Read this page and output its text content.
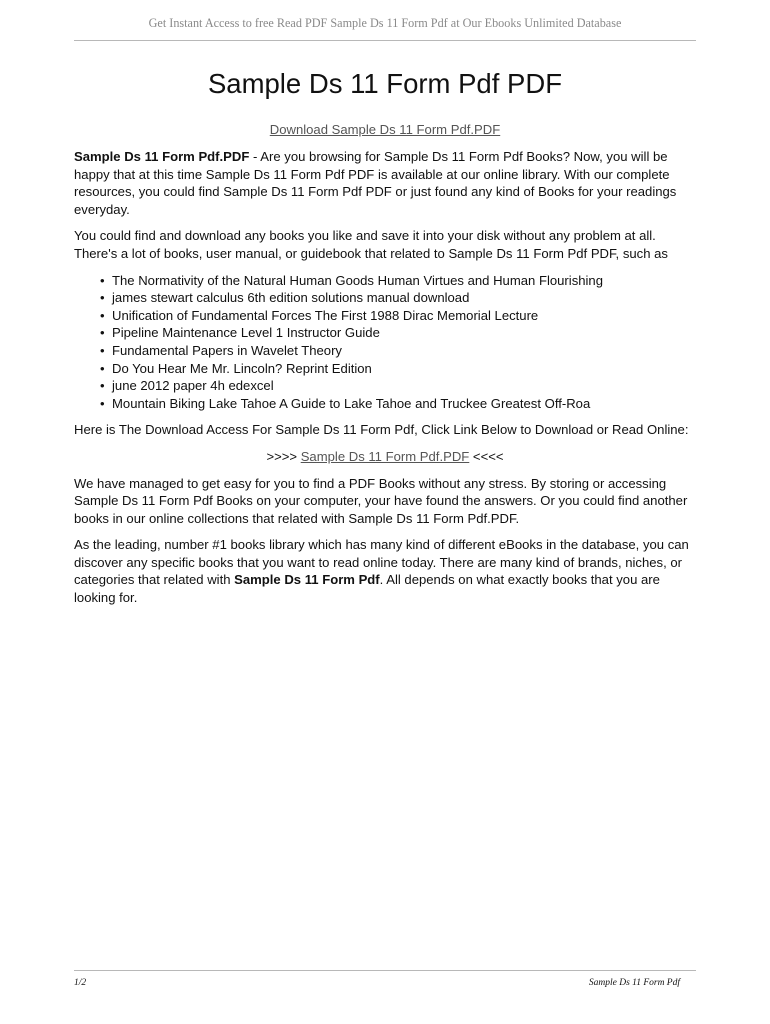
Get Instant Access to free Read PDF Sample Ds 11 Form Pdf at Our Ebooks Unlimited Database
Sample Ds 11 Form Pdf PDF
Download Sample Ds 11 Form Pdf.PDF

Sample Ds 11 Form Pdf.PDF - Are you browsing for Sample Ds 11 Form Pdf Books? Now, you will be happy that at this time Sample Ds 11 Form Pdf PDF is available at our online library. With our complete resources, you could find Sample Ds 11 Form Pdf PDF or just found any kind of Books for your readings everyday.

You could find and download any books you like and save it into your disk without any problem at all. There's a lot of books, user manual, or guidebook that related to Sample Ds 11 Form Pdf PDF, such as

• The Normativity of the Natural Human Goods Human Virtues and Human Flourishing
• james stewart calculus 6th edition solutions manual download
• Unification of Fundamental Forces The First 1988 Dirac Memorial Lecture
• Pipeline Maintenance Level 1 Instructor Guide
• Fundamental Papers in Wavelet Theory
• Do You Hear Me Mr. Lincoln? Reprint Edition
• june 2012 paper 4h edexcel
• Mountain Biking Lake Tahoe A Guide to Lake Tahoe and Truckee Greatest Off-Roa

Here is The Download Access For Sample Ds 11 Form Pdf, Click Link Below to Download or Read Online:

>>>> Sample Ds 11 Form Pdf.PDF <<<<

We have managed to get easy for you to find a PDF Books without any stress. By storing or accessing Sample Ds 11 Form Pdf Books on your computer, your have found the answers. Or you could find another books in our online collections that related with Sample Ds 11 Form Pdf.PDF.

As the leading, number #1 books library which has many kind of different eBooks in the database, you can discover any specific books that you want to read online today. There are many kind of brands, niches, or categories that related with Sample Ds 11 Form Pdf. All depends on what exactly books that you are looking for.

1/2	Sample Ds 11 Form Pdf
